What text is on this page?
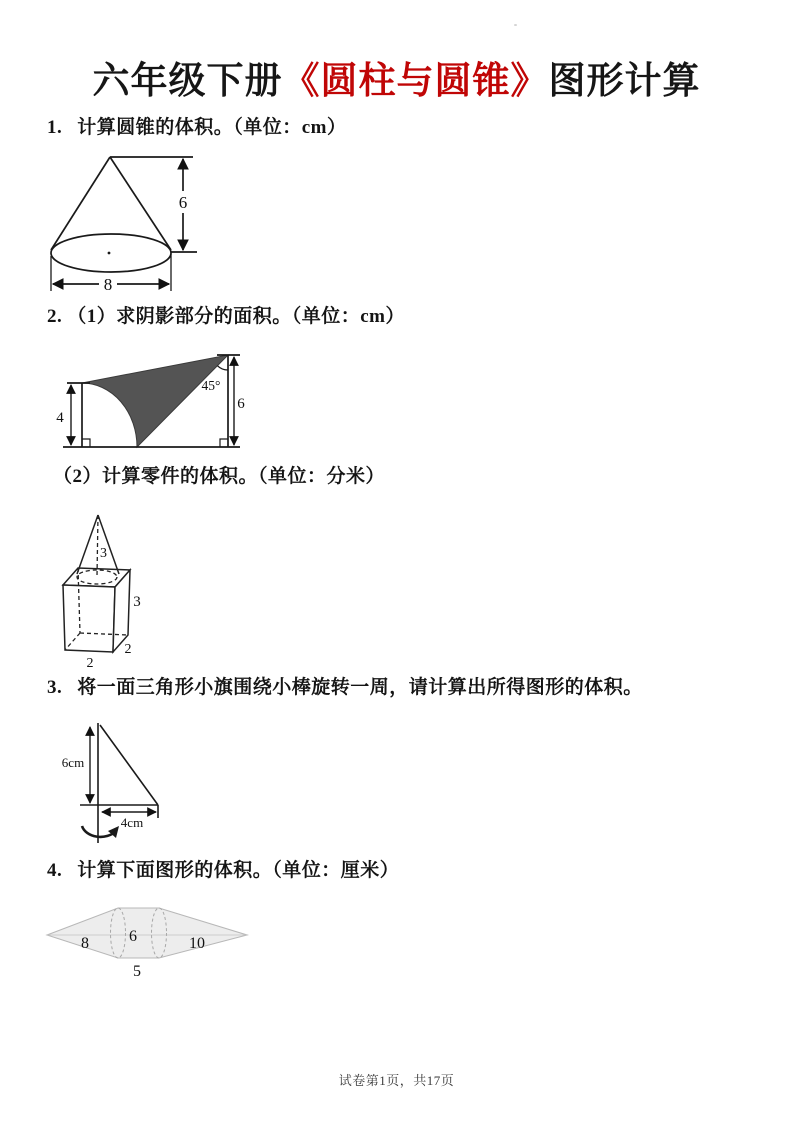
六年级下册《圆柱与圆锥》图形计算
1. 计算圆锥的体积。（单位：cm）
6
8
2. （1）求阴影部分的面积。（单位：cm）
4
6
45°
（2）计算零件的体积。（单位：分米）
3
3
2
2
3. 将一面三角形小旗围绕小棒旋转一周，请计算出所得图形的体积。
6cm
4cm
4. 计算下面图形的体积。（单位：厘米）
8	6	10
5
试卷第1页，共17页
